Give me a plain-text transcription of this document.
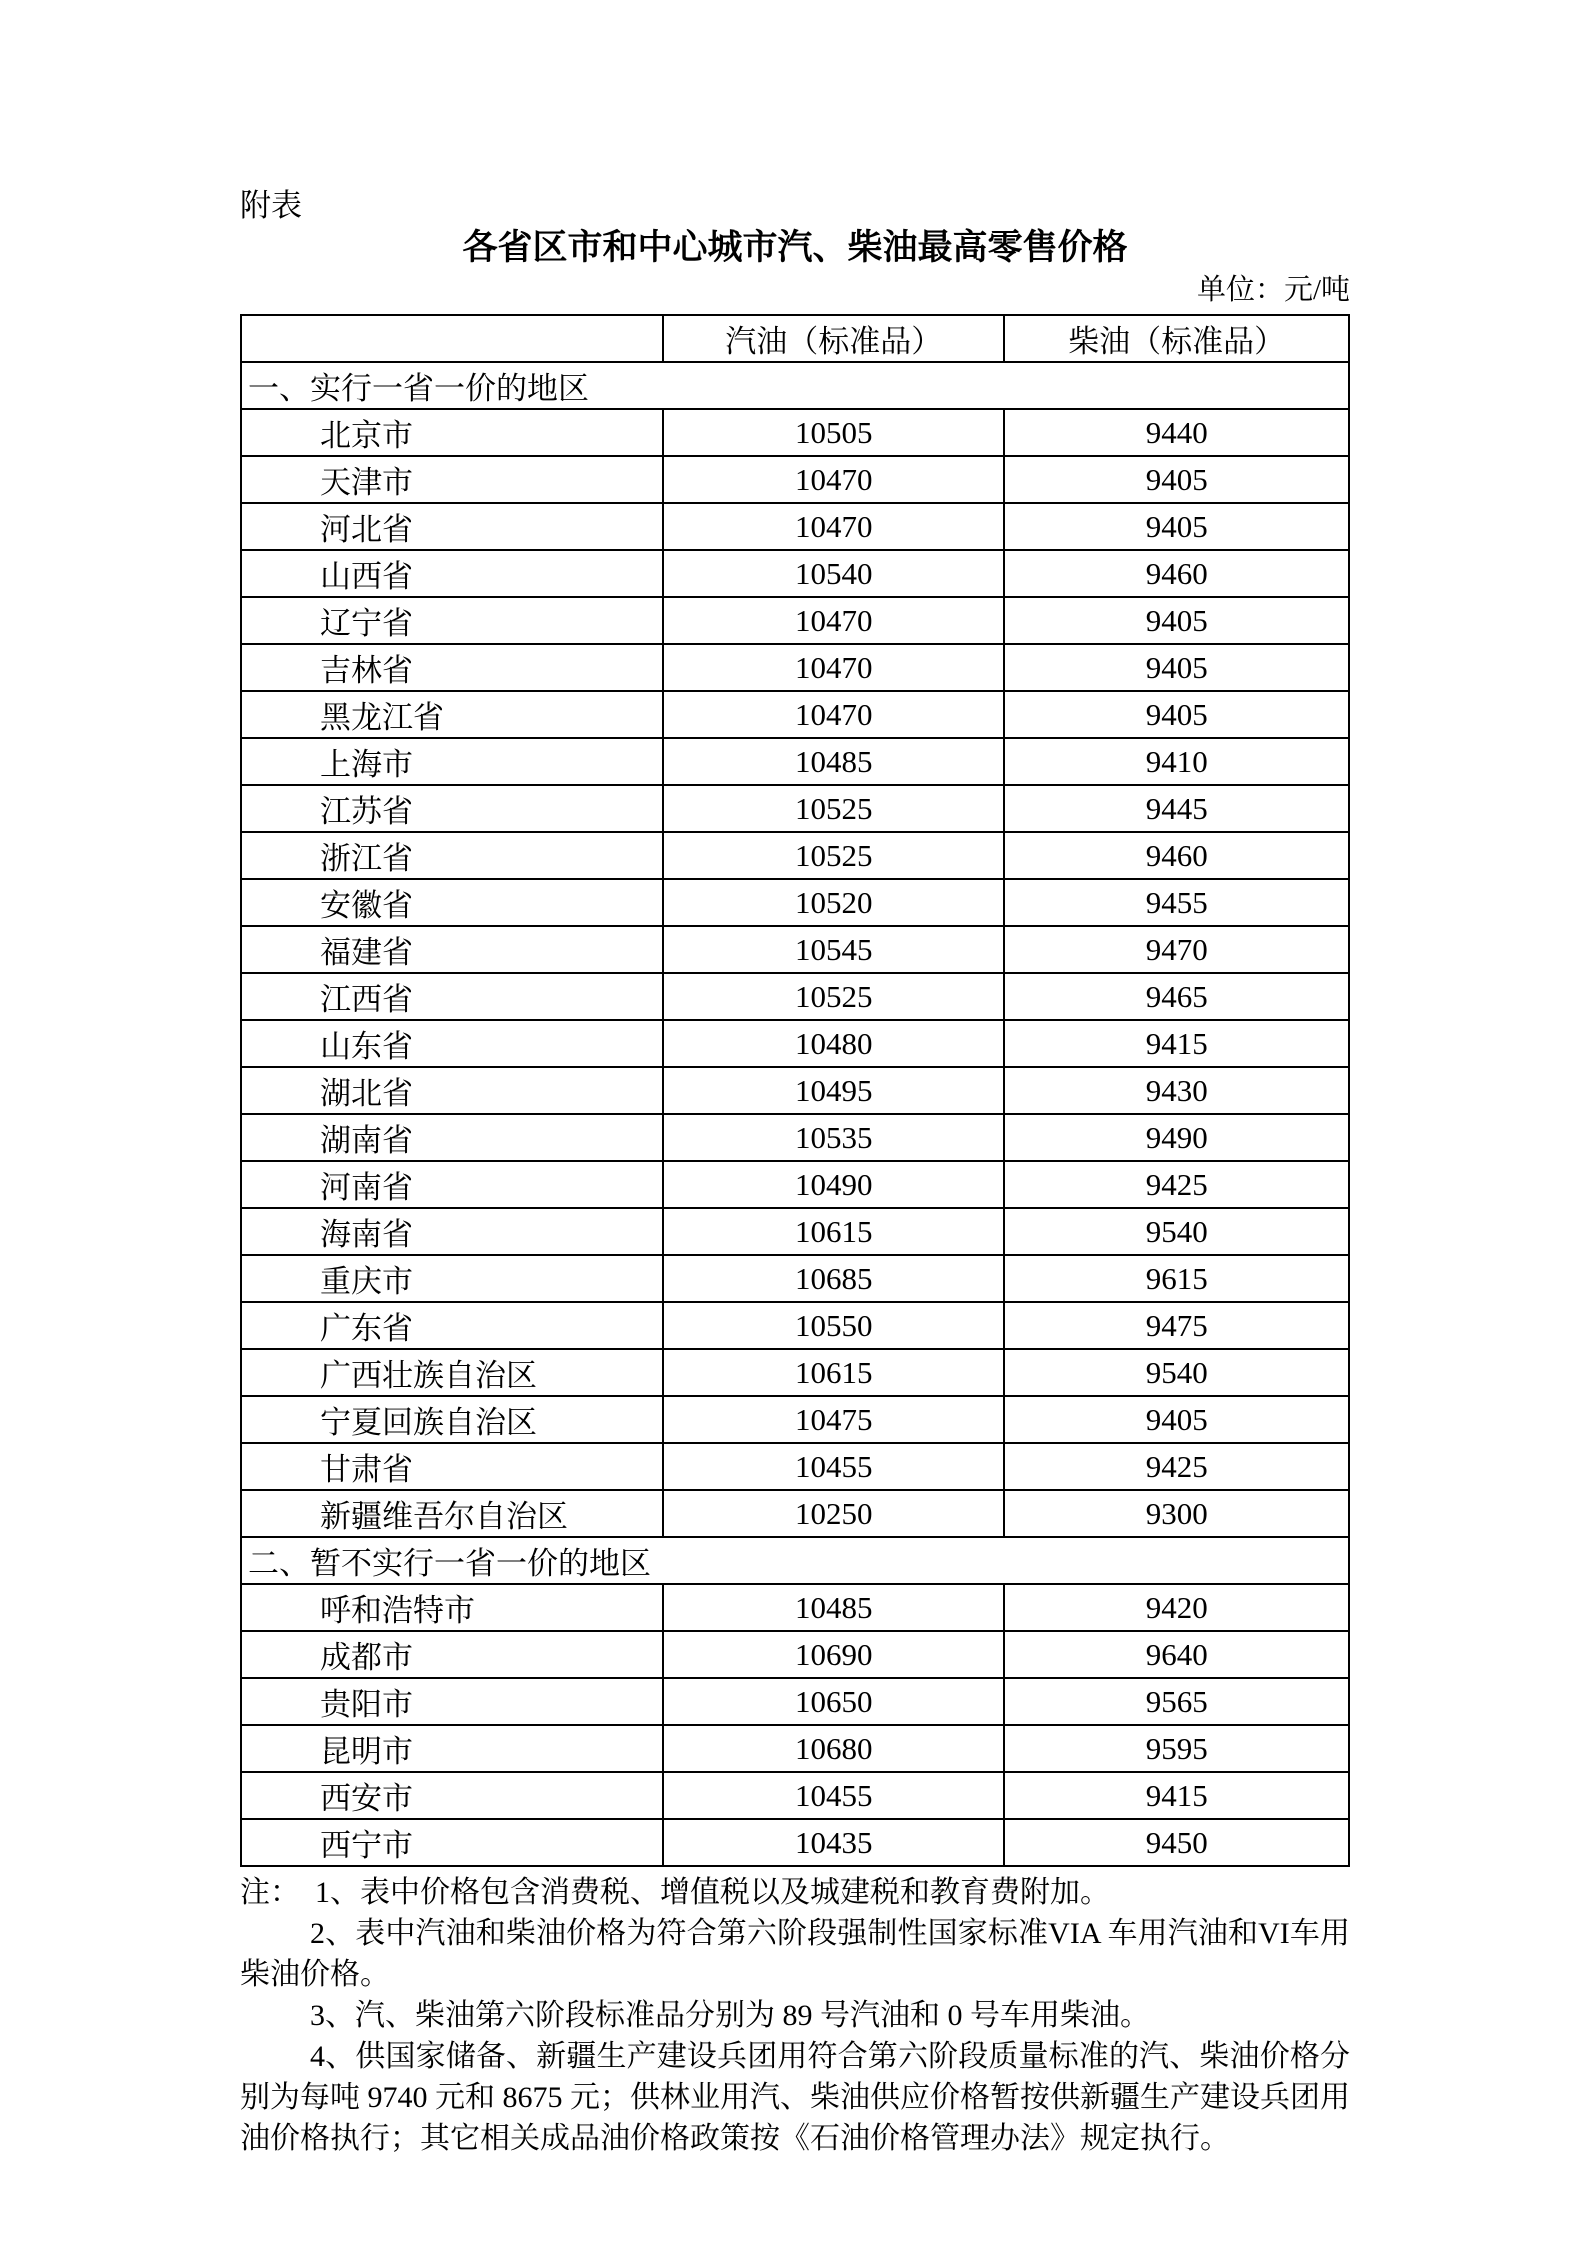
附表
各省区市和中心城市汽、柴油最高零售价格
单位：元/吨
	汽油（标准品）	柴油（标准品）
一、实行一省一价的地区		
北京市	10505	9440
天津市	10470	9405
河北省	10470	9405
山西省	10540	9460
辽宁省	10470	9405
吉林省	10470	9405
黑龙江省	10470	9405
上海市	10485	9410
江苏省	10525	9445
浙江省	10525	9460
安徽省	10520	9455
福建省	10545	9470
江西省	10525	9465
山东省	10480	9415
湖北省	10495	9430
湖南省	10535	9490
河南省	10490	9425
海南省	10615	9540
重庆市	10685	9615
广东省	10550	9475
广西壮族自治区	10615	9540
宁夏回族自治区	10475	9405
甘肃省	10455	9425
新疆维吾尔自治区	10250	9300
二、暂不实行一省一价的地区		
呼和浩特市	10485	9420
成都市	10690	9640
贵阳市	10650	9565
昆明市	10680	9595
西安市	10455	9415
西宁市	10435	9450

注：　1、表中价格包含消费税、增值税以及城建税和教育费附加。

2、表中汽油和柴油价格为符合第六阶段强制性国家标准VIA 车用汽油和VI车用柴油价格。

3、汽、柴油第六阶段标准品分别为 89 号汽油和 0 号车用柴油。

4、供国家储备、新疆生产建设兵团用符合第六阶段质量标准的汽、柴油价格分别为每吨 9740 元和 8675 元；供林业用汽、柴油供应价格暂按供新疆生产建设兵团用油价格执行；其它相关成品油价格政策按《石油价格管理办法》规定执行。
